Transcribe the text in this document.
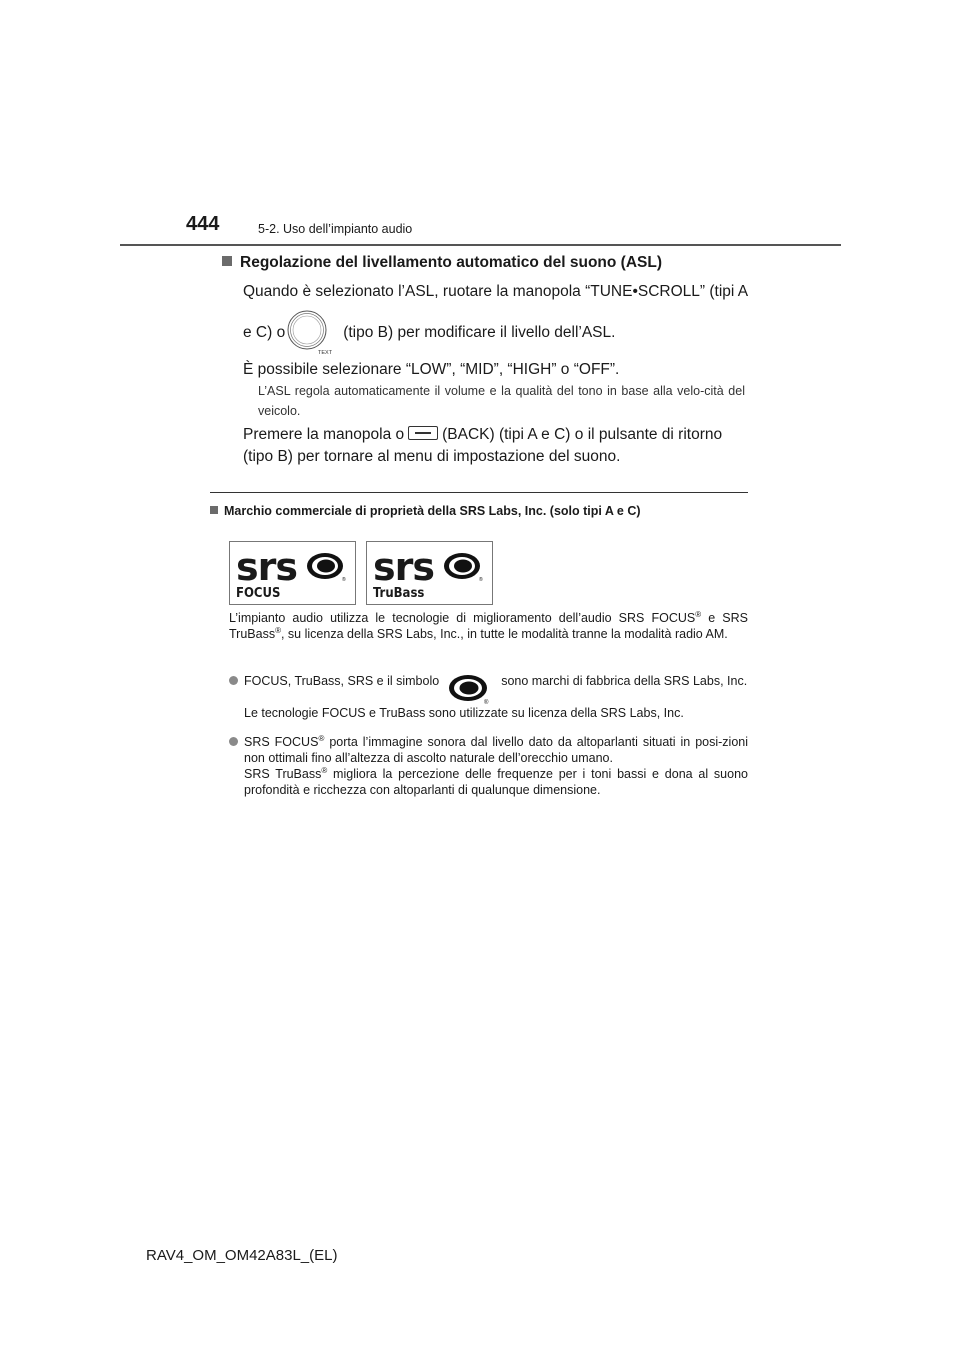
444	5-2. Uso dell’impianto audio
Regolazione del livellamento automatico del suono (ASL)
Quando è selezionato l’ASL, ruotare la manopola “TUNE•SCROLL” (tipi A
e C) o	(tipo B) per modificare il livello dell’ASL.
TEXT
È possibile selezionare “LOW”, “MID”, “HIGH” o “OFF”.
L’ASL regola automaticamente il volume e la qualità del tono in base alla velo-cità del veicolo.
Premere la manopola o (BACK) (tipi A e C) o il pulsante di ritorno (tipo B) per tornare al menu di impostazione del suono.
Marchio commerciale di proprietà della SRS Labs, Inc. (solo tipi A e C)
srs	®
FOCUS
srs	®
TruBass
L’impianto audio utilizza le tecnologie di miglioramento dell’audio SRS FOCUS® e SRS TruBass®, su licenza della SRS Labs, Inc., in tutte le modalità tranne la modalità radio AM.
FOCUS, TruBass, SRS e il simbolo
®
sono marchi di fabbrica della SRS Labs, Inc.
Le tecnologie FOCUS e TruBass sono utilizzate su licenza della SRS Labs, Inc.
SRS FOCUS® porta l’immagine sonora dal livello dato da altoparlanti situati in posi-zioni non ottimali fino all’altezza di ascolto naturale dell’orecchio umano.
SRS TruBass® migliora la percezione delle frequenze per i toni bassi e dona al suono profondità e ricchezza con altoparlanti di qualunque dimensione.
RAV4_OM_OM42A83L_(EL)
